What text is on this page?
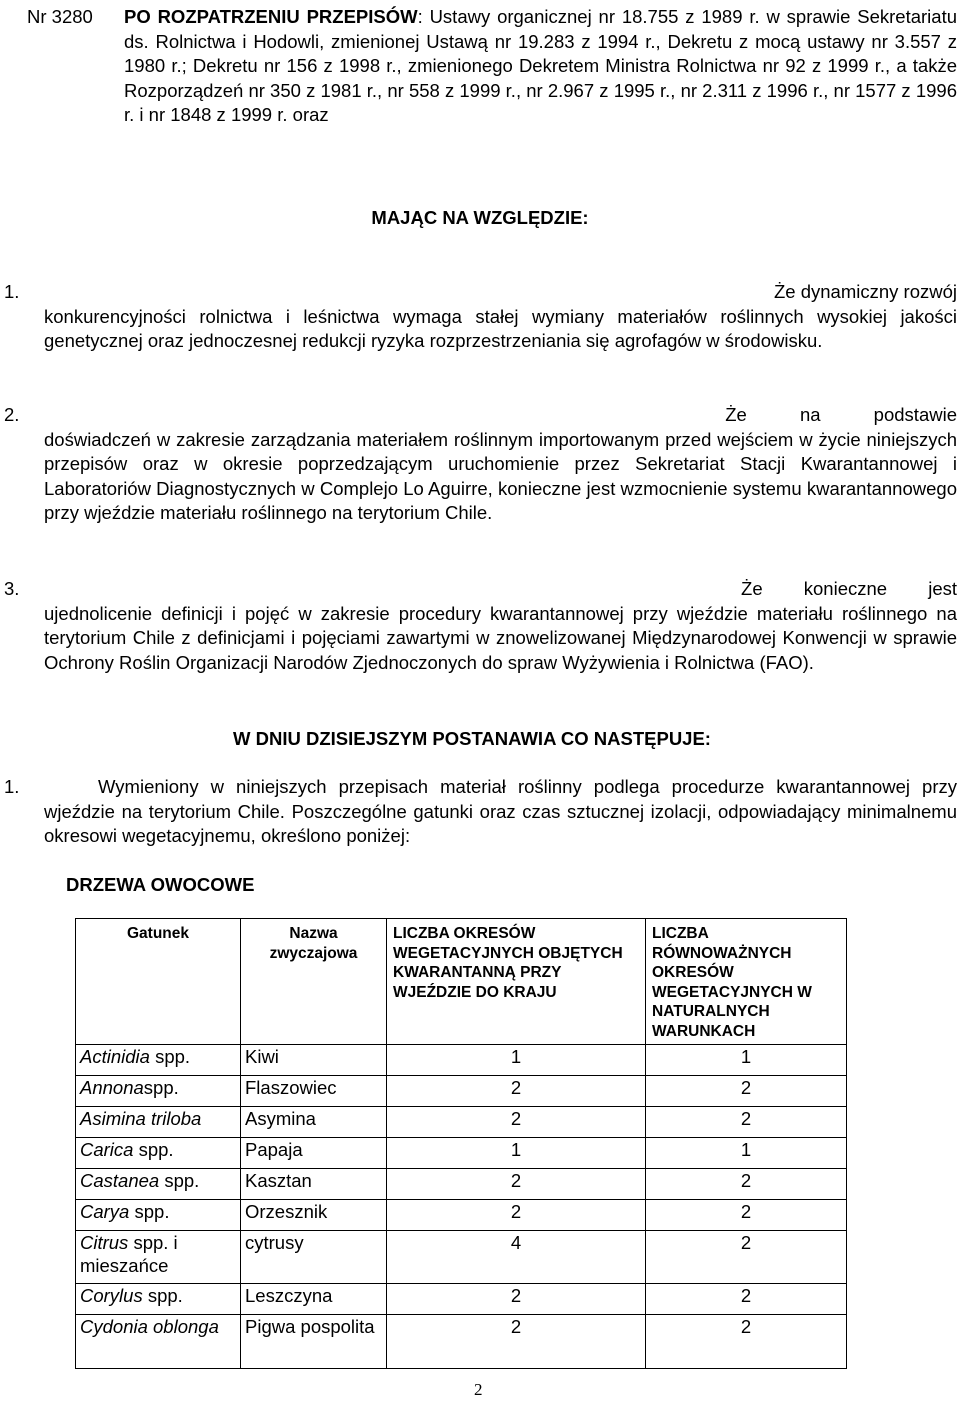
Nr 3280 PO ROZPATRZENIU PRZEPISÓW: Ustawy organicznej nr 18.755 z 1989 r. w sprawie Sekretariatu ds. Rolnictwa i Hodowli, zmienionej Ustawą nr 19.283 z 1994 r., Dekretu z mocą ustawy nr 3.557 z 1980 r.; Dekretu nr 156 z 1998 r., zmienionego Dekretem Ministra Rolnictwa nr 92 z 1999 r., a także Rozporządzeń nr 350 z 1981 r., nr 558 z 1999 r., nr 2.967 z 1995 r., nr 2.311 z 1996 r., nr 1577 z 1996 r. i nr 1848 z 1999 r. oraz
MAJĄC NA WZGLĘDZIE:
1.	Że dynamiczny rozwój
konkurencyjności rolnictwa i leśnictwa wymaga stałej wymiany materiałów roślinnych wysokiej jakości genetycznej oraz jednoczesnej redukcji ryzyka rozprzestrzeniania się agrofagów w środowisku.
2.	Że na podstawie
doświadczeń w zakresie zarządzania materiałem roślinnym importowanym przed wejściem w życie niniejszych przepisów oraz w okresie poprzedzającym uruchomienie przez Sekretariat Stacji Kwarantannowej i Laboratoriów Diagnostycznych w Complejo Lo Aguirre, konieczne jest wzmocnienie systemu kwarantannowego przy wjeździe materiału roślinnego na terytorium Chile.
3.	Że konieczne jest
ujednolicenie definicji i pojęć w zakresie procedury kwarantannowej przy wjeździe materiału roślinnego na terytorium Chile z definicjami i pojęciami zawartymi w znowelizowanej Międzynarodowej Konwencji w sprawie Ochrony Roślin Organizacji Narodów Zjednoczonych do spraw Wyżywienia i Rolnictwa (FAO).
W DNIU DZISIEJSZYM POSTANAWIA CO NASTĘPUJE:
1.	Wymieniony w niniejszych przepisach materiał roślinny podlega procedurze kwarantannowej przy wjeździe na terytorium Chile. Poszczególne gatunki oraz czas sztucznej izolacji, odpowiadający minimalnemu okresowi wegetacyjnemu, określono poniżej:
DRZEWA OWOCOWE
Gatunek	Nazwa zwyczajowa	LICZBA OKRESÓW WEGETACYJNYCH OBJĘTYCH KWARANTANNĄ PRZY WJEŹDZIE DO KRAJU	LICZBA RÓWNOWAŻNYCH OKRESÓW WEGETACYJNYCH W NATURALNYCH WARUNKACH
Actinidia spp.	Kiwi	1	1
Annonaspp.	Flaszowiec	2	2
Asimina triloba	Asymina	2	2
Carica spp.	Papaja	1	1
Castanea spp.	Kasztan	2	2
Carya spp.	Orzesznik	2	2
Citrus spp. i mieszańce	cytrusy	4	2
Corylus spp.	Leszczyna	2	2
Cydonia oblonga	Pigwa pospolita	2	2
2
